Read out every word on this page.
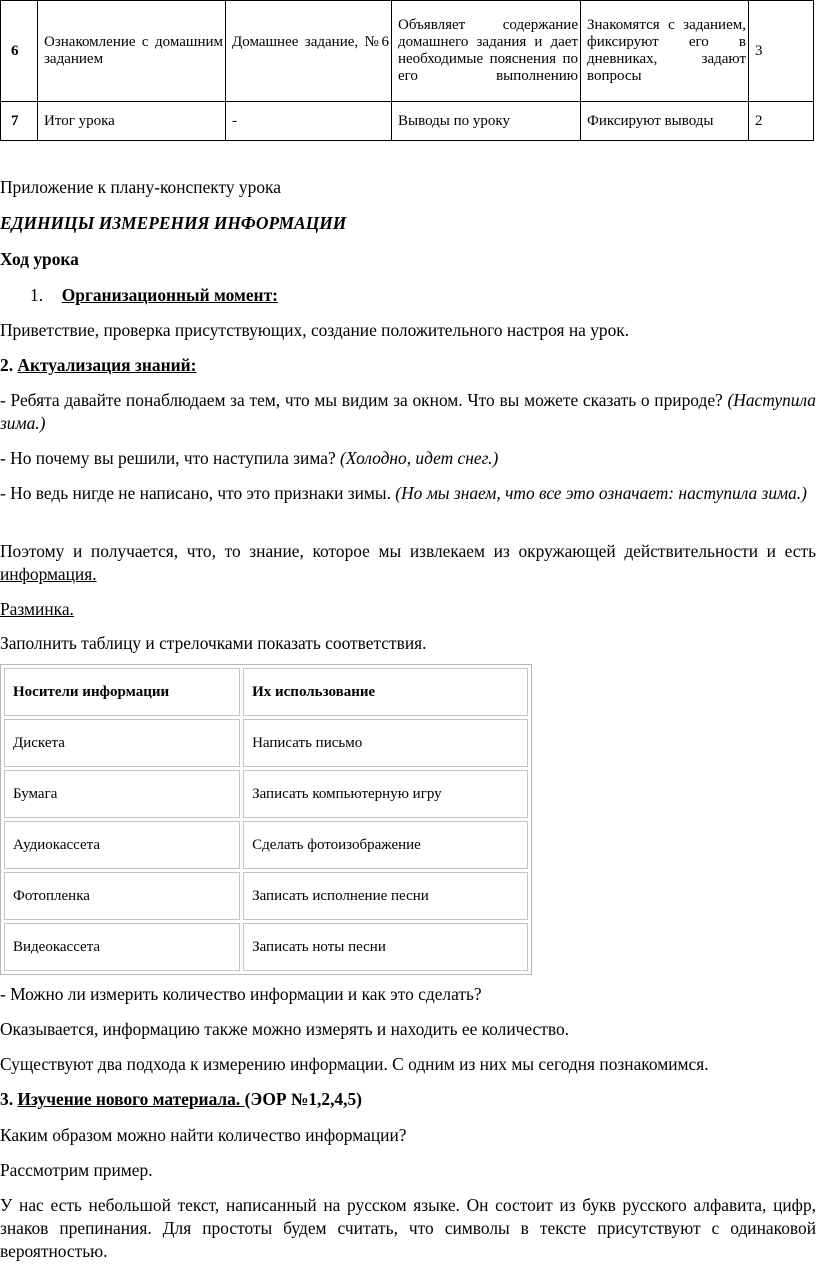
6	Ознакомление с домашним заданием	Домашнее задание, №6	Объявляет содержание домашнего задания и дает необходимые пояснения по его выполнению	Знакомятся с заданием, фиксируют его в дневниках, задают вопросы	3
7	Итог урока	-	Выводы по уроку	Фиксируют выводы	2

Приложение к плану-конспекту урока

ЕДИНИЦЫ ИЗМЕРЕНИЯ ИНФОРМАЦИИ

Ход урока

1. Организационный момент:

Приветствие, проверка присутствующих, создание положительного настроя на урок.

2. Актуализация знаний:

- Ребята давайте понаблюдаем за тем, что мы видим за окном. Что вы можете сказать о природе? (Наступила зима.)

- Но почему вы решили, что наступила зима? (Холодно, идет снег.)

- Но ведь нигде не написано, что это признаки зимы. (Но мы знаем, что все это означает: наступила зима.)

Поэтому и получается, что, то знание, которое мы извлекаем из окружающей действительности и есть информация.

Разминка.

Заполнить таблицу и стрелочками показать соответствия.

Носители информации	Их использование
Дискета	Написать письмо
Бумага	Записать компьютерную игру
Аудиокассета	Сделать фотоизображение
Фотопленка	Записать исполнение песни
Видеокассета	Записать ноты песни

- Можно ли измерить количество информации и как это сделать?

Оказывается, информацию также можно измерять и находить ее количество.

Существуют два подхода к измерению информации. С одним из них мы сегодня познакомимся.

3. Изучение нового материала. (ЭОР №1,2,4,5)

Каким образом можно найти количество информации?

Рассмотрим пример.

У нас есть небольшой текст, написанный на русском языке. Он состоит из букв русского алфавита, цифр, знаков препинания. Для простоты будем считать, что символы в тексте присутствуют с одинаковой вероятностью.
